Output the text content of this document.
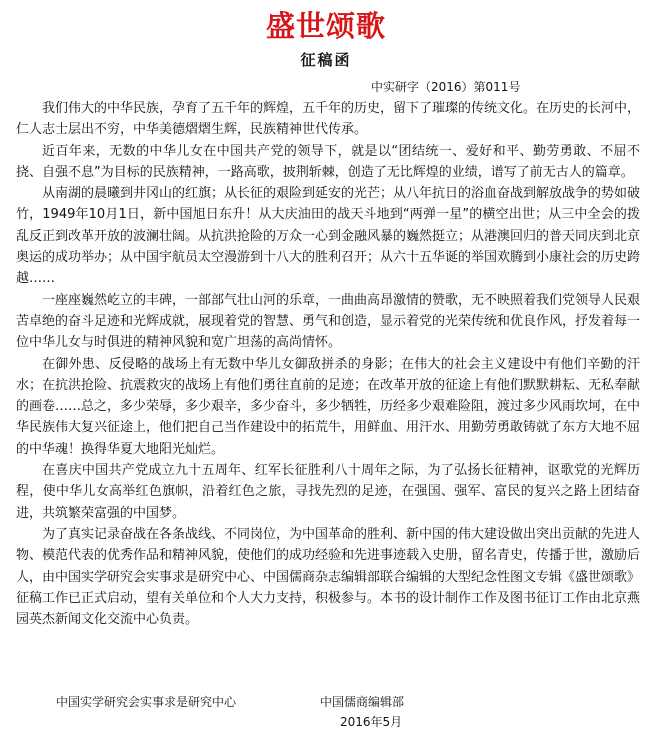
盛世颂歌
征稿函
中实研字（2016）第011号

我们伟大的中华民族，孕育了五千年的辉煌，五千年的历史，留下了璀璨的传统文化。在历史的长河中，仁人志士层出不穷，中华美德熠熠生辉，民族精神世代传承。

近百年来，无数的中华儿女在中国共产党的领导下，就是以“团结统一、爱好和平、勤劳勇敢、不屈不挠、自强不息”为目标的民族精神，一路高歌，披荆斩棘，创造了无比辉煌的业绩，谱写了前无古人的篇章。

从南湖的晨曦到井冈山的红旗；从长征的艰险到延安的光芒；从八年抗日的浴血奋战到解放战争的势如破竹，1949年10月1日，新中国旭日东升！从大庆油田的战天斗地到“两弹一星”的横空出世；从三中全会的拨乱反正到改革开放的波澜壮阔。从抗洪抢险的万众一心到金融风暴的巍然挺立；从港澳回归的普天同庆到北京奥运的成功举办；从中国宇航员太空漫游到十八大的胜利召开；从六十五华诞的举国欢腾到小康社会的历史跨越……

一座座巍然屹立的丰碑，一部部气壮山河的乐章，一曲曲高昂激情的赞歌，无不映照着我们党领导人民艰苦卓绝的奋斗足迹和光辉成就，展现着党的智慧、勇气和创造，显示着党的光荣传统和优良作风，抒发着每一位中华儿女与时俱进的精神风貌和宽广坦荡的高尚情怀。

在御外患、反侵略的战场上有无数中华儿女御敌拼杀的身影；在伟大的社会主义建设中有他们辛勤的汗水；在抗洪抢险、抗震救灾的战场上有他们勇往直前的足迹；在改革开放的征途上有他们默默耕耘、无私奉献的画卷……总之，多少荣辱，多少艰辛，多少奋斗，多少牺牲，历经多少艰难险阻，渡过多少风雨坎坷，在中华民族伟大复兴征途上，他们把自己当作建设中的拓荒牛，用鲜血、用汗水、用勤劳勇敢铸就了东方大地不屈的中华魂！换得华夏大地阳光灿烂。

在喜庆中国共产党成立九十五周年、红军长征胜利八十周年之际，为了弘扬长征精神，讴歌党的光辉历程，使中华儿女高举红色旗帜，沿着红色之旅，寻找先烈的足迹，在强国、强军、富民的复兴之路上团结奋进，共筑繁荣富强的中国梦。

为了真实记录奋战在各条战线、不同岗位，为中国革命的胜利、新中国的伟大建设做出突出贡献的先进人物、模范代表的优秀作品和精神风貌，使他们的成功经验和先进事迹载入史册，留名青史，传播于世，激励后人，由中国实学研究会实事求是研究中心、中国儒商杂志编辑部联合编辑的大型纪念性图文专辑《盛世颂歌》征稿工作已正式启动，望有关单位和个人大力支持，积极参与。本书的设计制作工作及图书征订工作由北京燕园英杰新闻文化交流中心负责。

中国实学研究会实事求是研究中心	中国儒商编辑部
2016年5月
